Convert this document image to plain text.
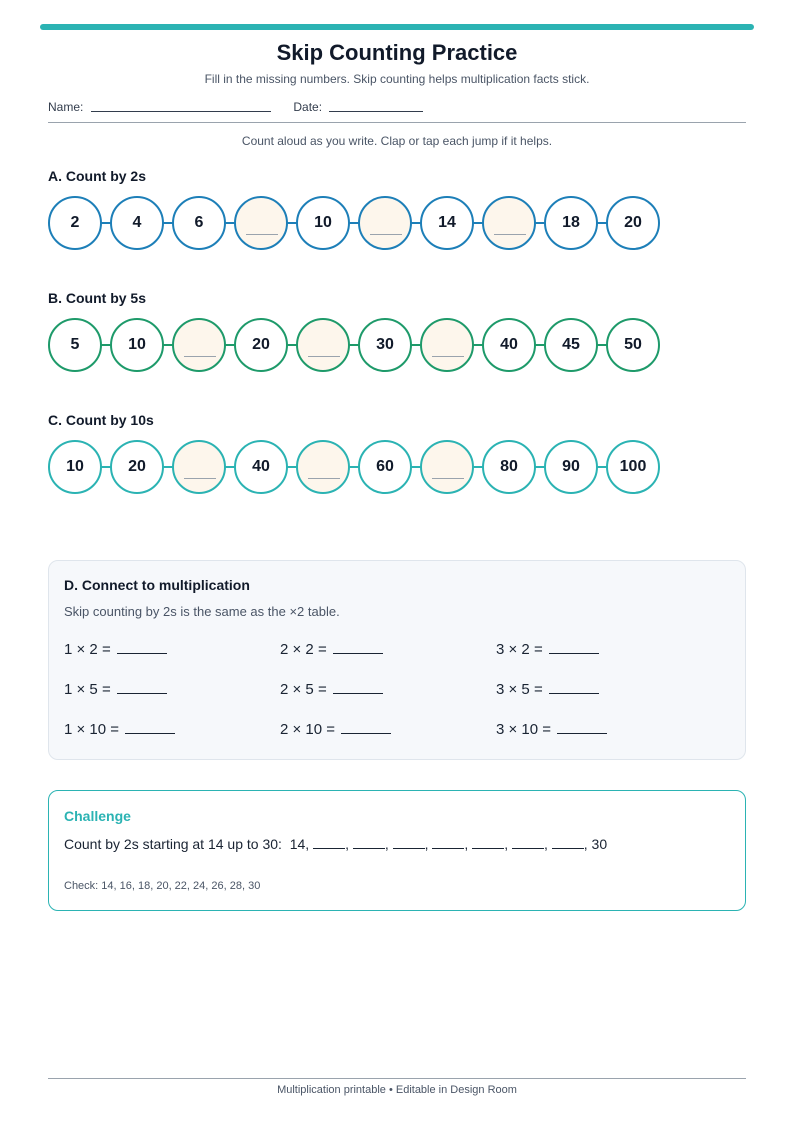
Skip Counting Practice
Fill in the missing numbers. Skip counting helps multiplication facts stick.
Name:	Date:
Count aloud as you write. Clap or tap each jump if it helps.
A. Count by 2s
2	4	6	10	14	18	20
B. Count by 5s
5	10	20	30	40	45	50
C. Count by 10s
10	20	40	60	80	90	100
D. Connect to multiplication
Skip counting by 2s is the same as the ×2 table.
1 × 2 =	2 × 2 =	3 × 2 =
1 × 5 =	2 × 5 =	3 × 5 =
1 × 10 =	2 × 10 =	3 × 10 =
Challenge
Count by 2s starting at 14 up to 30: 14, , , , , , , , 30
Check: 14, 16, 18, 20, 22, 24, 26, 28, 30
Multiplication printable • Editable in Design Room
